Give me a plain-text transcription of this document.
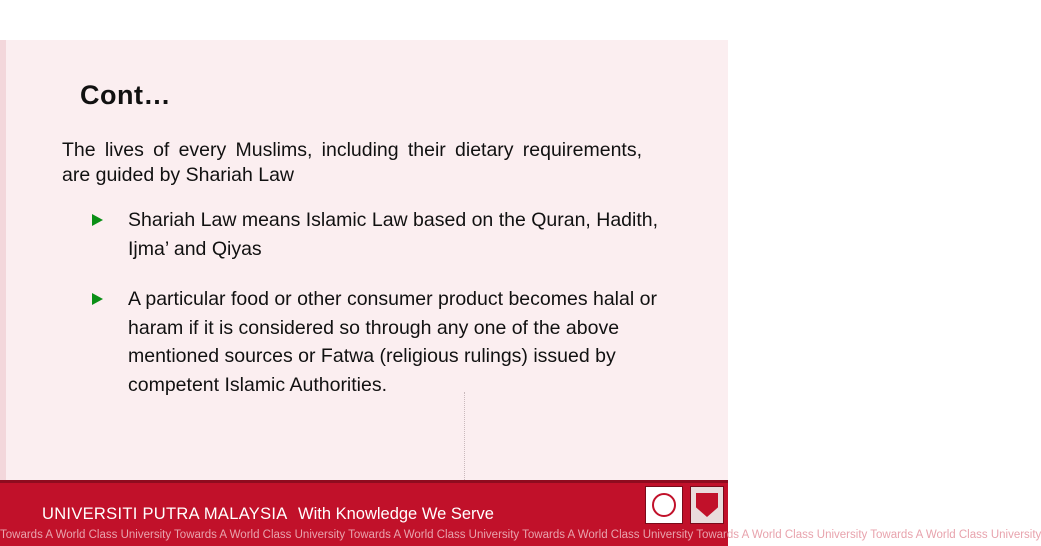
Cont…
The lives of every Muslims, including their dietary requirements, are guided by Shariah Law
Shariah Law means Islamic Law based on the Quran, Hadith, Ijma’ and Qiyas
A particular food or other consumer product becomes halal or haram if it is considered so through any one of the above mentioned sources or Fatwa (religious rulings) issued by competent Islamic Authorities.
UNIVERSITI PUTRA MALAYSIA With Knowledge We Serve
Towards A World Class University Towards A World Class University Towards A World Class University Towards A World Class University Towards A World Class University Towards A World Class University
